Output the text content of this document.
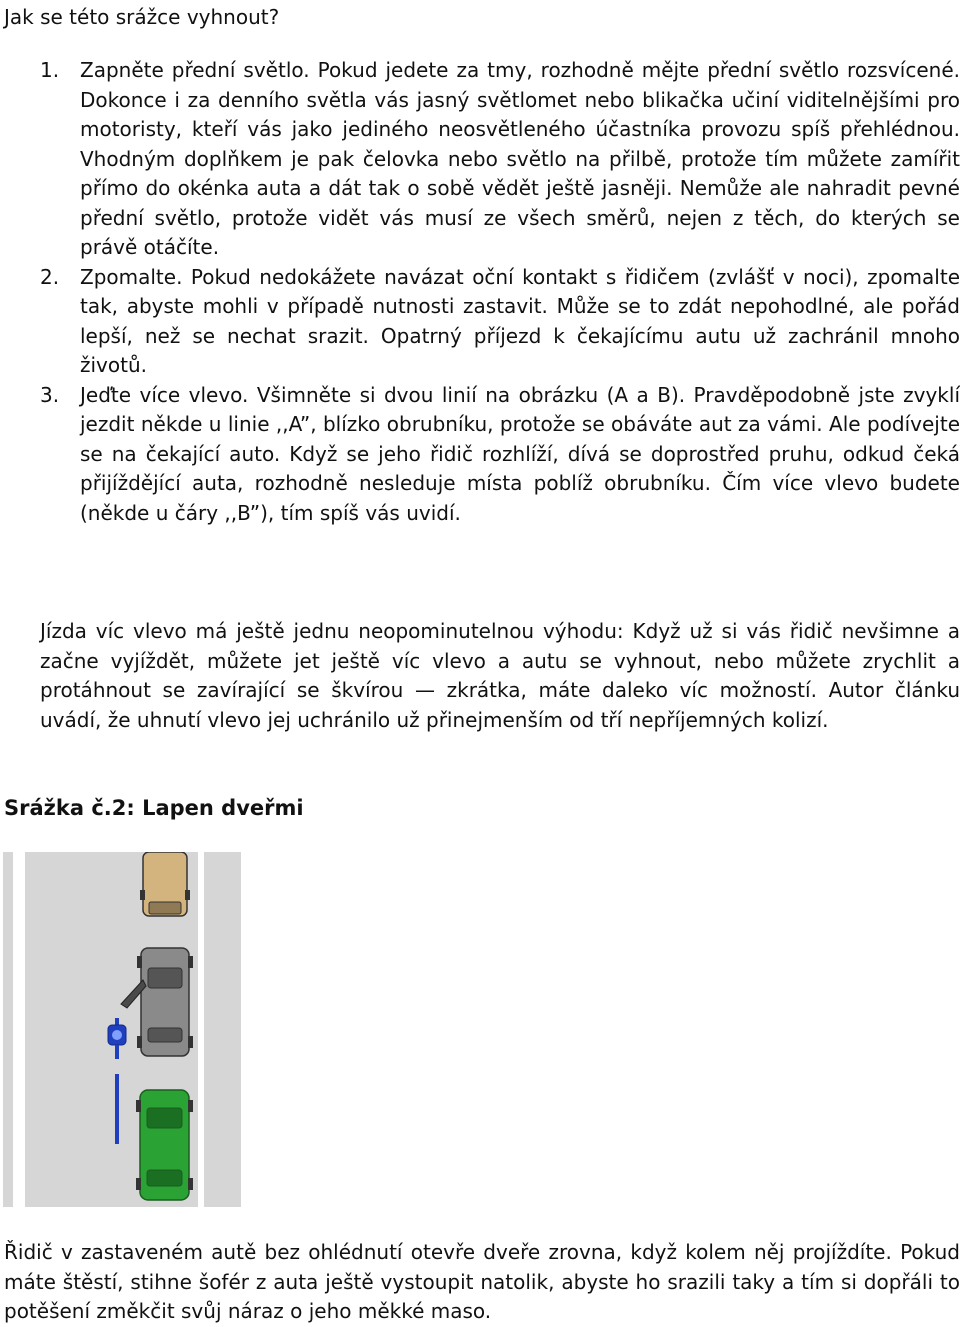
Jak se této srážce vyhnout?
1. Zapněte přední světlo. Pokud jedete za tmy, rozhodně mějte přední světlo rozsvícené. Dokonce i za denního světla vás jasný světlomet nebo blikačka učiní viditelnějšími pro motoristy, kteří vás jako jediného neosvětleného účastníka provozu spíš přehlédnou. Vhodným doplňkem je pak čelovka nebo světlo na přilbě, protože tím můžete zamířit přímo do okénka auta a dát tak o sobě vědět ještě jasněji. Nemůže ale nahradit pevné přední světlo, protože vidět vás musí ze všech směrů, nejen z těch, do kterých se právě otáčíte.
2. Zpomalte. Pokud nedokážete navázat oční kontakt s řidičem (zvlášť v noci), zpomalte tak, abyste mohli v případě nutnosti zastavit. Může se to zdát nepohodlné, ale pořád lepší, než se nechat srazit. Opatrný příjezd k čekajícímu autu už zachránil mnoho životů.
3. Jeďte více vlevo. Všimněte si dvou linií na obrázku (A a B). Pravděpodobně jste zvyklí jezdit někde u linie ,,A”, blízko obrubníku, protože se obáváte aut za vámi. Ale podívejte se na čekající auto. Když se jeho řidič rozhlíží, dívá se doprostřed pruhu, odkud čeká přijíždějící auta, rozhodně nesleduje místa poblíž obrubníku. Čím více vlevo budete (někde u čáry ,,B”), tím spíš vás uvidí.

Jízda víc vlevo má ještě jednu neopominutelnou výhodu: Když už si vás řidič nevšimne a začne vyjíždět, můžete jet ještě víc vlevo a autu se vyhnout, nebo můžete zrychlit a protáhnout se zavírající se škvírou — zkrátka, máte daleko víc možností. Autor článku uvádí, že uhnutí vlevo jej uchránilo už přinejmenším od tří nepříjemných kolizí.

Srážka č.2: Lapen dveřmi

Řidič v zastaveném autě bez ohlédnutí otevře dveře zrovna, když kolem něj projíždíte. Pokud máte štěstí, stihne šofér z auta ještě vystoupit natolik, abyste ho srazili taky a tím si dopřáli to potěšení změkčit svůj náraz o jeho měkké maso.
